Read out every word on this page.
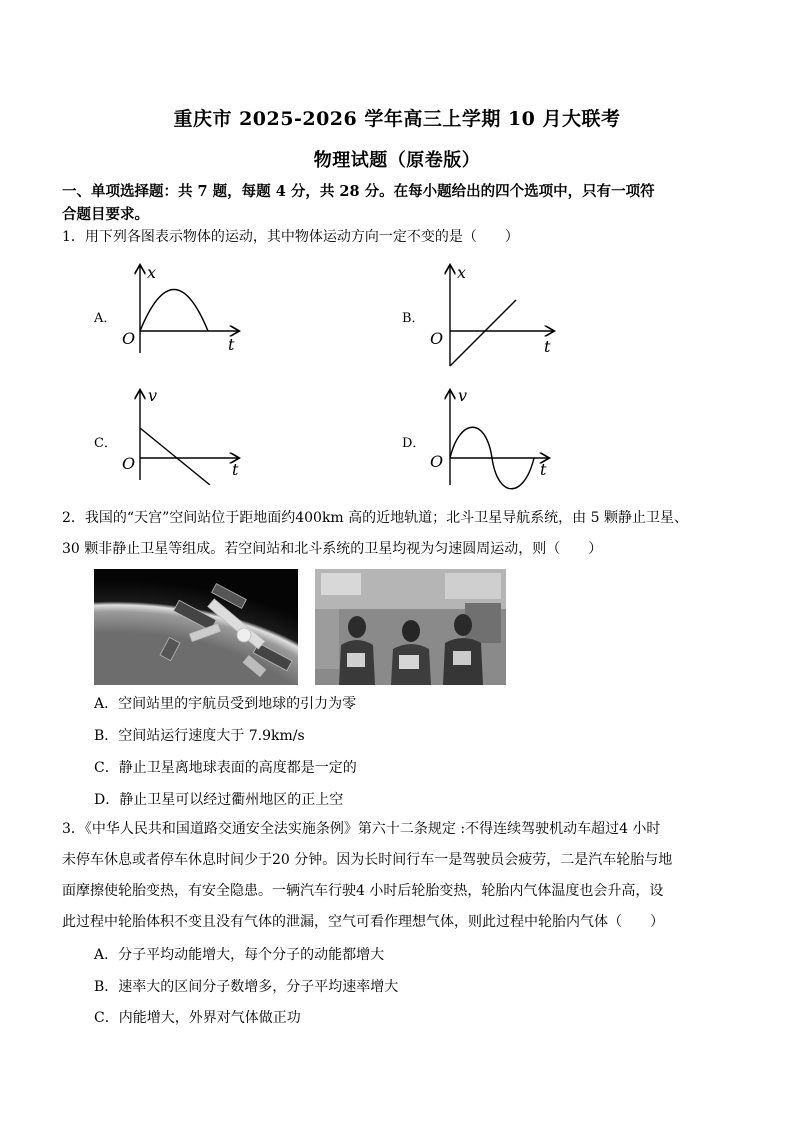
重庆市 2025-2026 学年高三上学期 10 月大联考
物理试题（原卷版）
一、单项选择题：共 7 题，每题 4 分，共 28 分。在每小题给出的四个选项中，只有一项符
合题目要求。
1．用下列各图表示物体的运动，其中物体运动方向一定不变的是（　　）
A．
x
O	t
B．
x
O	t
C．
v
O	t
D．
v
O	t
2．我国的“天宫”空间站位于距地面约400km 高的近地轨道；北斗卫星导航系统，由 5 颗静止卫星、
30 颗非静止卫星等组成。若空间站和北斗系统的卫星均视为匀速圆周运动，则（　　）
A．空间站里的宇航员受到地球的引力为零
B．空间站运行速度大于 7.9km/s
C．静止卫星离地球表面的高度都是一定的
D．静止卫星可以经过衢州地区的正上空
3．《中华人民共和国道路交通安全法实施条例》第六十二条规定 :不得连续驾驶机动车超过4 小时
未停车休息或者停车休息时间少于20 分钟。因为长时间行车一是驾驶员会疲劳，二是汽车轮胎与地
面摩擦使轮胎变热，有安全隐患。一辆汽车行驶4 小时后轮胎变热，轮胎内气体温度也会升高，设
此过程中轮胎体积不变且没有气体的泄漏，空气可看作理想气体，则此过程中轮胎内气体（　　）
A．分子平均动能增大，每个分子的动能都增大
B．速率大的区间分子数增多，分子平均速率增大
C．内能增大，外界对气体做正功
